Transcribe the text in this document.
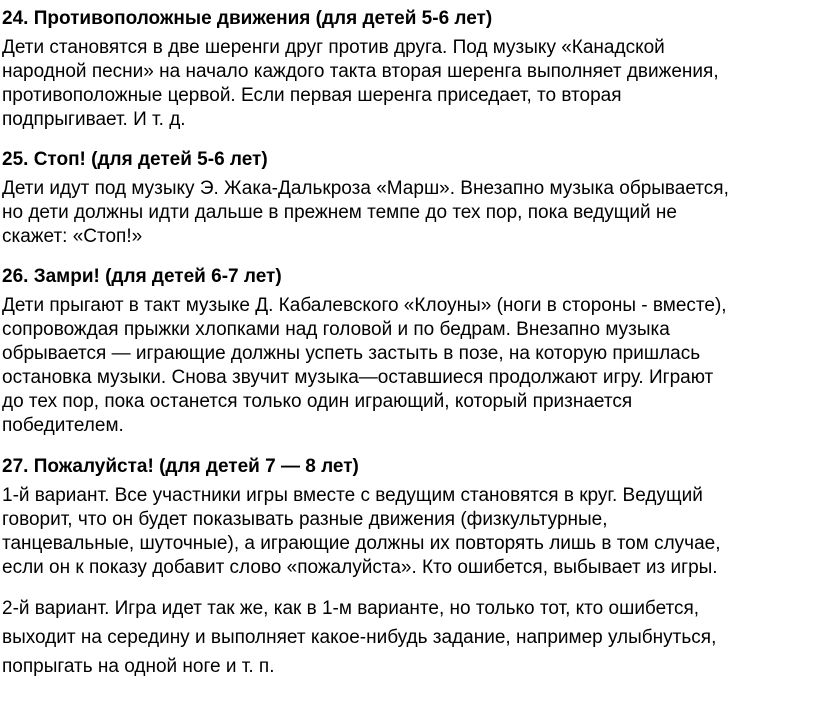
24. Противоположные движения (для детей 5-6 лет)
Дети становятся в две шеренги друг против друга. Под музыку «Канадской
народной песни» на начало каждого такта вторая шеренга выполняет движения,
противоположные цервой. Если первая шеренга приседает, то вторая
подпрыгивает. И т. д.
25. Стоп! (для детей 5-6 лет)
Дети идут под музыку Э. Жака-Далькроза «Марш». Внезапно музыка обрывается,
но дети должны идти дальше в прежнем темпе до тех пор, пока ведущий не
скажет: «Стоп!»
26. Замри! (для детей 6-7 лет)
Дети прыгают в такт музыке Д. Кабалевского «Клоуны» (ноги в стороны - вместе),
сопровождая прыжки хлопками над головой и по бедрам. Внезапно музыка
обрывается — играющие должны успеть застыть в позе, на которую пришлась
остановка музыки. Снова звучит музыка—оставшиеся продолжают игру. Играют
до тех пор, пока останется только один играющий, который признается
победителем.
27. Пожалуйста! (для детей 7 — 8 лет)
1-й вариант. Все участники игры вместе с ведущим становятся в круг. Ведущий
говорит, что он будет показывать разные движения (физкультурные,
танцевальные, шуточные), а играющие должны их повторять лишь в том случае,
если он к показу добавит слово «пожалуйста». Кто ошибется, выбывает из игры.
2-й вариант. Игра идет так же, как в 1-м варианте, но только тот, кто ошибется,
выходит на середину и выполняет какое-нибудь задание, например улыбнуться,
попрыгать на одной ноге и т. п.
